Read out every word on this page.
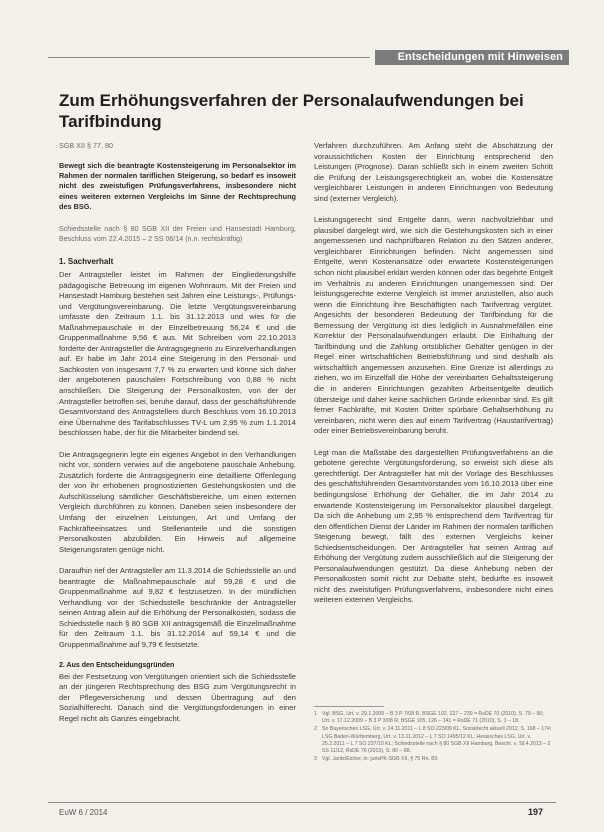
Entscheidungen mit Hinweisen
Zum Erhöhungsverfahren der Personalaufwendungen bei Tarifbindung

SGB XII § 77, 80

Bewegt sich die beantragte Kostensteigerung im Personalsektor im Rahmen der normalen tariflichen Steigerung, so bedarf es insoweit nicht des zweistufigen Prüfungsverfahrens, insbesondere nicht eines weiteren externen Vergleichs im Sinne der Rechtsprechung des BSG.

Schiedsstelle nach § 80 SGB XII der Freien und Hansestadt Hamburg, Beschluss vom 22.4.2015 – 2 SS 06/14 (n.n. rechtskräftig)

1. Sachverhalt

Der Antragsteller leistet im Rahmen der Eingliederungshilfe pädagogische Betreuung im eigenen Wohnraum. Mit der Freien und Hansestadt Hamburg bestehen seit Jahren eine Leistungs-, Prüfungs- und Vergütungsvereinbarung. Die letzte Vergütungsvereinbarung umfasste den Zeitraum 1.1. bis 31.12.2013 und wies für die Maßnahmepauschale in der Einzelbetreuung 56,24 € und die Gruppenmaßnahme 9,56 € aus. Mit Schreiben vom 22.10.2013 forderte der Antragsteller die Antragsgegnerin zu Einzelverhandlungen auf. Er habe im Jahr 2014 eine Steigerung in den Personal- und Sachkosten von insgesamt 7,7 % zu erwarten und könne sich daher der angebotenen pauschalen Fortschreibung von 0,88 % nicht anschließen. Die Steigerung der Personalkosten, von der der Antragsteller betroffen sei, beruhe darauf, dass der geschäftsführende Gesamtvorstand des Antragstellers durch Beschluss vom 16.10.2013 eine Übernahme des Tarifabschlusses TV-L um 2,95 % zum 1.1.2014 beschlossen habe, der für die Mitarbeiter bindend sei.

Die Antragsgegnerin legte ein eigenes Angebot in den Verhandlungen nicht vor, sondern verwies auf die angebotene pauschale Anhebung. Zusätzlich forderte die Antragsgegnerin eine detaillierte Offenlegung der von ihr erhobenen prognostizierten Gestehungskosten und die Aufschlüsselung sämtlicher Geschäftsbereiche, um einen externen Vergleich durchführen zu können. Daneben seien insbesondere der Umfang der einzelnen Leistungen, Art und Umfang der Fachkräfteeinsatzes und Stellenanteile und die sonstigen Personalkosten abzubilden. Ein Hinweis auf allgemeine Steigerungsraten genüge nicht.

Daraufhin rief der Antragsteller am 11.3.2014 die Schiedsstelle an und beantragte die Maßnahmepauschale auf 59,28 € und die Gruppenmaßnahme auf 9,82 € festzusetzen. In der mündlichen Verhandlung vor der Schiedsstelle beschränkte der Antragsteller seinen Antrag allein auf die Erhöhung der Personalkosten, sodass die Schiedsstelle nach § 80 SGB XII antragsgemäß die Einzelmaßnahme für den Zeitraum 1.1. bis 31.12.2014 auf 59,14 € und die Gruppenmaßnahme auf 9,79 € festsetzte.

2. Aus den Entscheidungsgründen

Bei der Festsetzung von Vergütungen orientiert sich die Schiedsstelle an der jüngeren Rechtsprechung des BSG zum Vergütungsrecht in der Pflegeversicherung und dessen Übertragung auf den Sozialhilferecht. Danach sind die Vergütungsforderungen in einer Regel nicht als Ganzes eingebracht.

Verfahren durchzuführen. Am Anfang steht die Abschätzung der voraussichtlichen Kosten der Einrichtung entsprechend den Leistungen (Prognose). Daran schließt sich in einem zweiten Schritt die Prüfung der Leistungsgerechtigkeit an, wobei die Kostensätze vergleichbarer Leistungen in anderen Einrichtungen von Bedeutung sind (externer Vergleich).

Leistungsgerecht sind Entgelte dann, wenn nachvollziehbar und plausibel dargelegt wird, wie sich die Gestehungskosten sich in einer angemessenen und nachprüfbaren Relation zu den Sätzen anderer, vergleichbarer Einrichtungen befinden. Nicht angemessen sind Entgelte, wenn Kostenansätze oder erwartete Kostensteigerungen schon nicht plausibel erklärt werden können oder das begehrte Entgelt im Verhältnis zu anderen Einrichtungen unangemessen sind. Der leistungsgerechte externe Vergleich ist immer anzustellen, also auch wenn die Einrichtung ihre Beschäftigten nach Tarifvertrag vergütet. Angesichts der besonderen Bedeutung der Tarifbindung für die Bemessung der Vergütung ist dies lediglich in Ausnahmefällen eine Korrektur der Personalaufwendungen erlaubt. Die Einhaltung der Tarifbindung und die Zahlung ortsüblicher Gehälter genügen in der Regel einer wirtschaftlichen Betriebsführung und sind deshalb als wirtschaftlich angemessen anzusehen. Eine Grenze ist allerdings zu ziehen, wo im Einzelfall die Höhe der vereinbarten Gehaltssteigerung die in anderen Einrichtungen gezahlten Arbeitsentgelte deutlich übersteige und daher keine sachlichen Gründe erkennbar sind. Es gilt ferner Fachkräfte, mit Kosten Dritter spürbare Gehaltserhöhung zu vereinbaren, nicht wenn dies auf einem Tarifvertrag (Haustarifvertrag) oder einer Betriebsvereinbarung beruht.

Legt man die Maßstäbe des dargestellten Prüfungsverfahrens an die gebotene gerechte Vergütungsforderung, so erweist sich diese als gerechtfertigt. Der Antragsteller hat mit der Vorlage des Beschlusses des geschäftsführenden Gesamtvorstandes vom 16.10.2013 über eine bedingungslose Erhöhung der Gehälter, die im Jahr 2014 zu erwartende Kostensteigerung im Personalsektor plausibel dargelegt. Da sich die Anhebung um 2,95 % entsprechend dem Tarifvertrag für den öffentlichen Dienst der Länder im Rahmen der normalen tariflichen Steigerung bewegt, fällt des externen Vergleichs keiner Schiedsentscheidungen. Der Antragsteller hat seinen Antrag auf Erhöhung der Vergütung zudem ausschließlich auf die Steigerung der Personalaufwendungen gestützt. Da diese Anhebung neben der Personalkosten somit nicht zur Debatte steht, bedurfte es insoweit nicht des zweistufigen Prüfungsverfahrens, insbesondere nicht eines weiteren externen Vergleichs.

1 Vgl. BSG, Urt. v. 29.1.2009 – B 3 P 7/08 R, BSGE 102, 227 – 239 = RsDE 70 (2010), S. 79 – 90; Urt. v. 17.12.2009 – B 3 P 3/08 R, BSGE 105, 126 – 141 = RsDE 71 (2010), S. 1 – 18.
2 So Bayerisches LSG, Urt. v. 24.11.2011 – L 8 SO 223/09 KL, Sozialrecht aktuell 2012, S. 168 – 174; LSG Baden-Württemberg, Urt. v. 13.11.2012 – L 7 SO 1495/12 KL; Hessisches LSG, Urt. v. 25.2.2011 – L 7 SO 237/10 KL; Schiedsstelle nach § 80 SGB XII Hamburg, Beschl. v. 18.4.2013 – 2 SS 11/12, RsDE 76 (2013), S. 80 – 88.
3 Vgl. Jaritz/Eicher, in: jurisPK-SGB XII, § 75 Rn. 83.
EuW 6 / 2014	197
